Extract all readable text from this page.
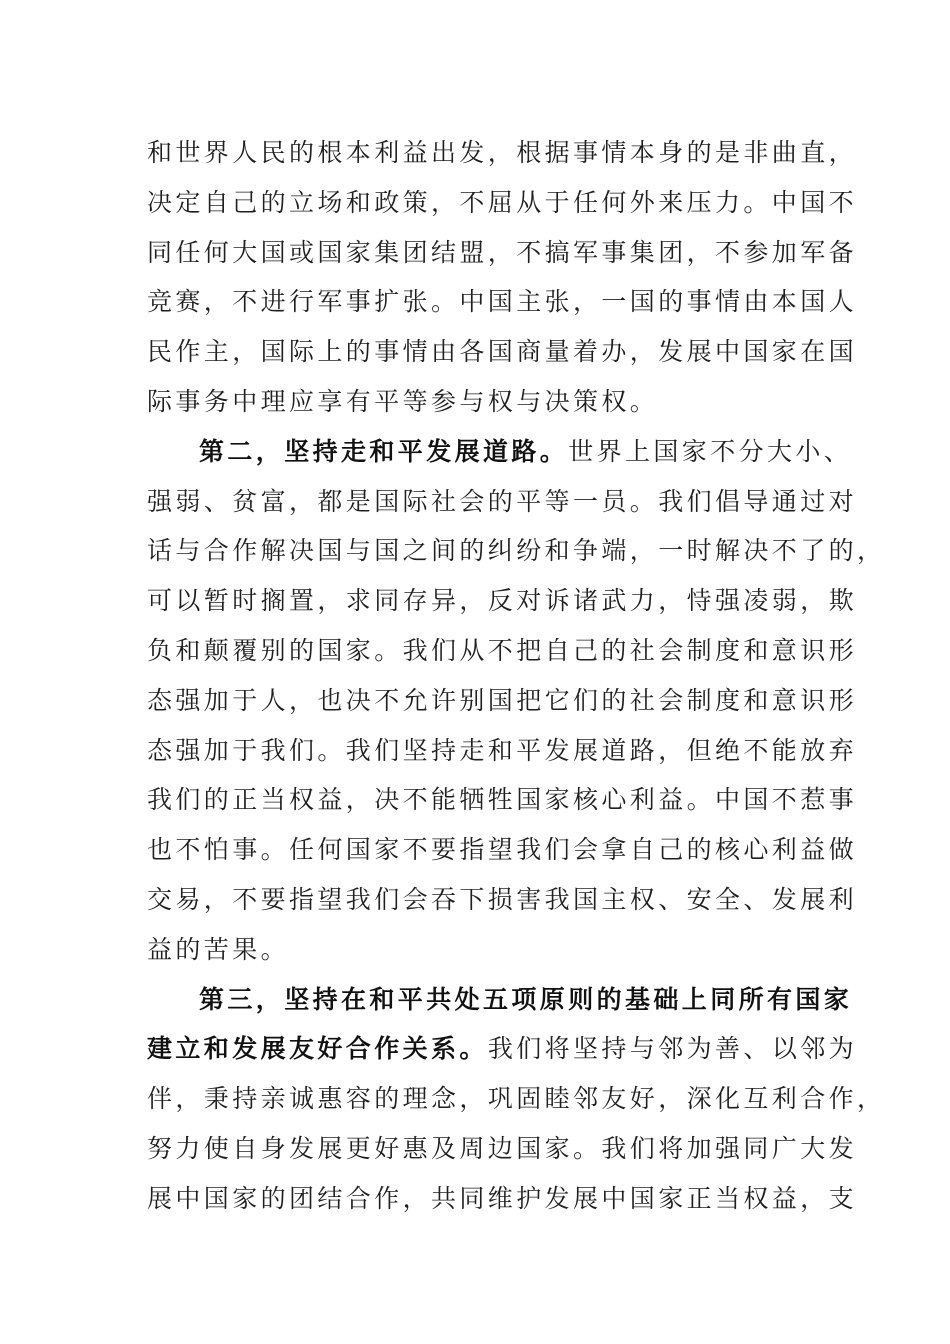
和世界人民的根本利益出发，根据事情本身的是非曲直，
决定自己的立场和政策，不屈从于任何外来压力。中国不
同任何大国或国家集团结盟，不搞军事集团，不参加军备
竞赛，不进行军事扩张。中国主张，一国的事情由本国人
民作主，国际上的事情由各国商量着办，发展中国家在国
际事务中理应享有平等参与权与决策权。
第二，坚持走和平发展道路。世界上国家不分大小、
强弱、贫富，都是国际社会的平等一员。我们倡导通过对
话与合作解决国与国之间的纠纷和争端，一时解决不了的，
可以暂时搁置，求同存异，反对诉诸武力，恃强凌弱，欺
负和颠覆别的国家。我们从不把自己的社会制度和意识形
态强加于人，也决不允许别国把它们的社会制度和意识形
态强加于我们。我们坚持走和平发展道路，但绝不能放弃
我们的正当权益，决不能牺牲国家核心利益。中国不惹事
也不怕事。任何国家不要指望我们会拿自己的核心利益做
交易，不要指望我们会吞下损害我国主权、安全、发展利
益的苦果。
第三，坚持在和平共处五项原则的基础上同所有国家
建立和发展友好合作关系。我们将坚持与邻为善、以邻为
伴，秉持亲诚惠容的理念，巩固睦邻友好，深化互利合作，
努力使自身发展更好惠及周边国家。我们将加强同广大发
展中国家的团结合作，共同维护发展中国家正当权益，支
